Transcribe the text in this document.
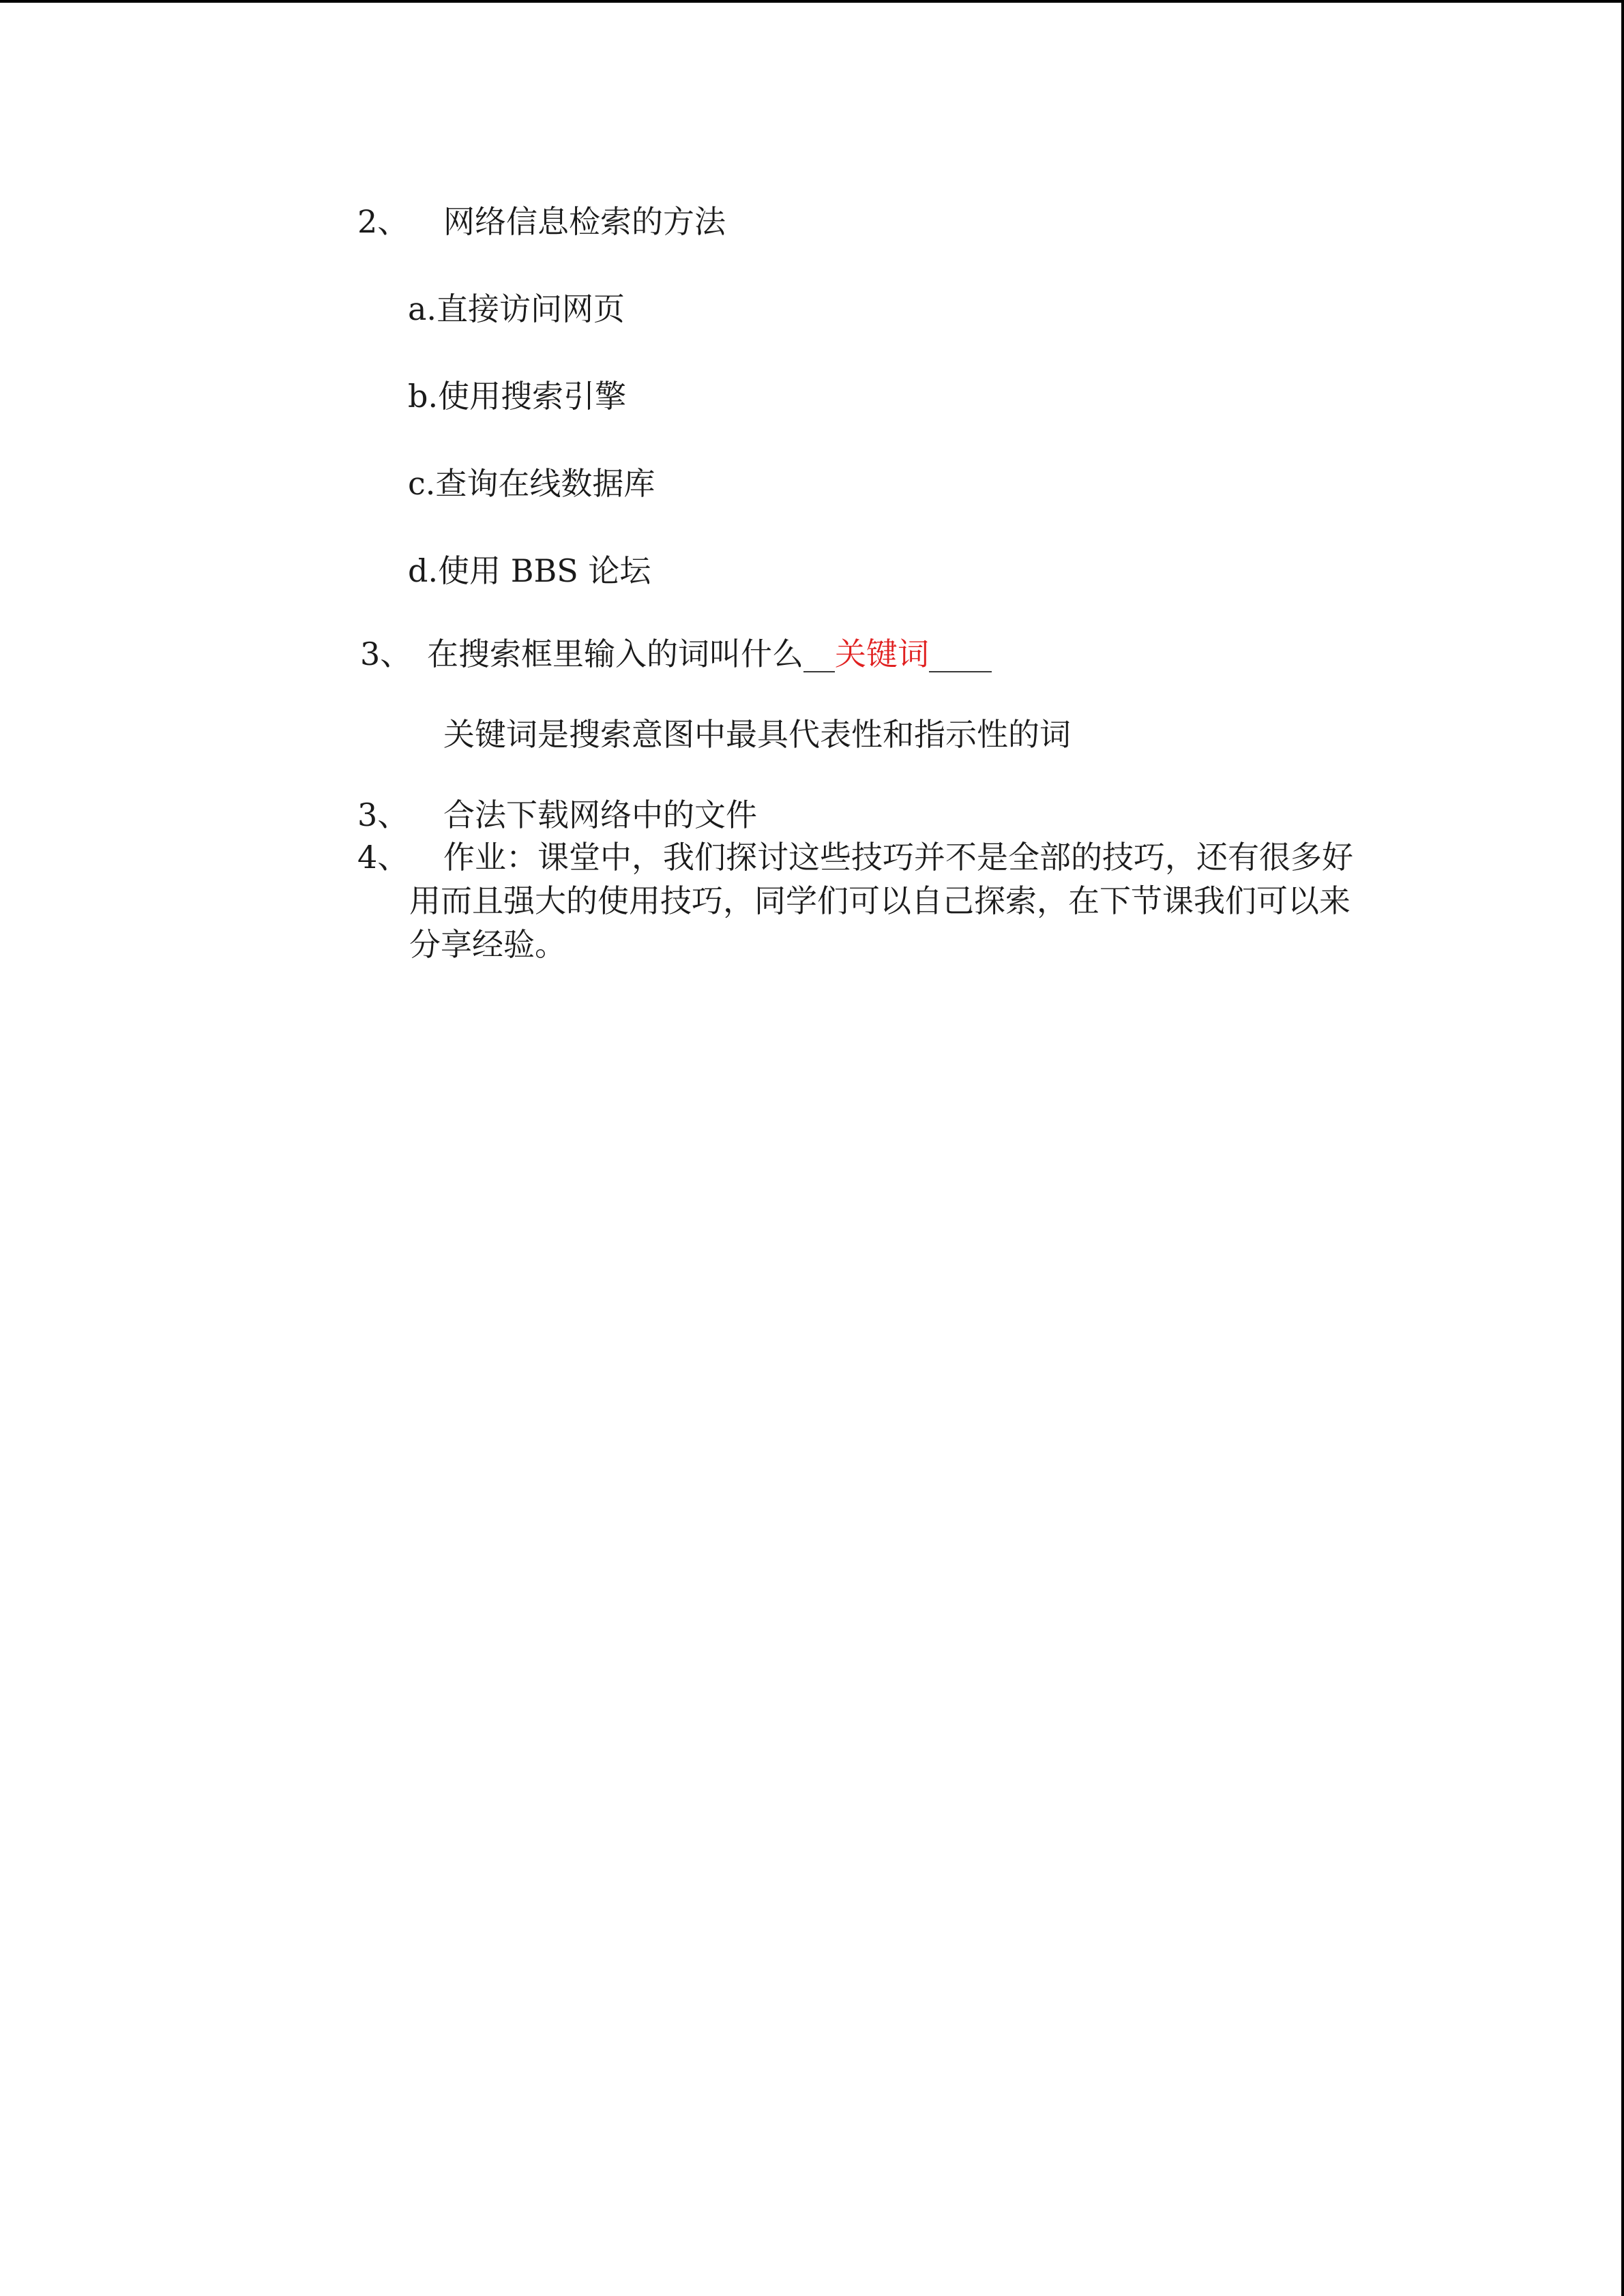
2、 网络信息检索的方法
a.直接访问网页
b.使用搜索引擎
c.查询在线数据库
d.使用 BBS 论坛
3、 在搜索框里输入的词叫什么__关键词____
关键词是搜索意图中最具代表性和指示性的词
3、 合法下载网络中的文件
4、	作业：课堂中，我们探讨这些技巧并不是全部的技巧，还有很多好用而且强大的使用技巧，同学们可以自己探索，在下节课我们可以来分享经验。
